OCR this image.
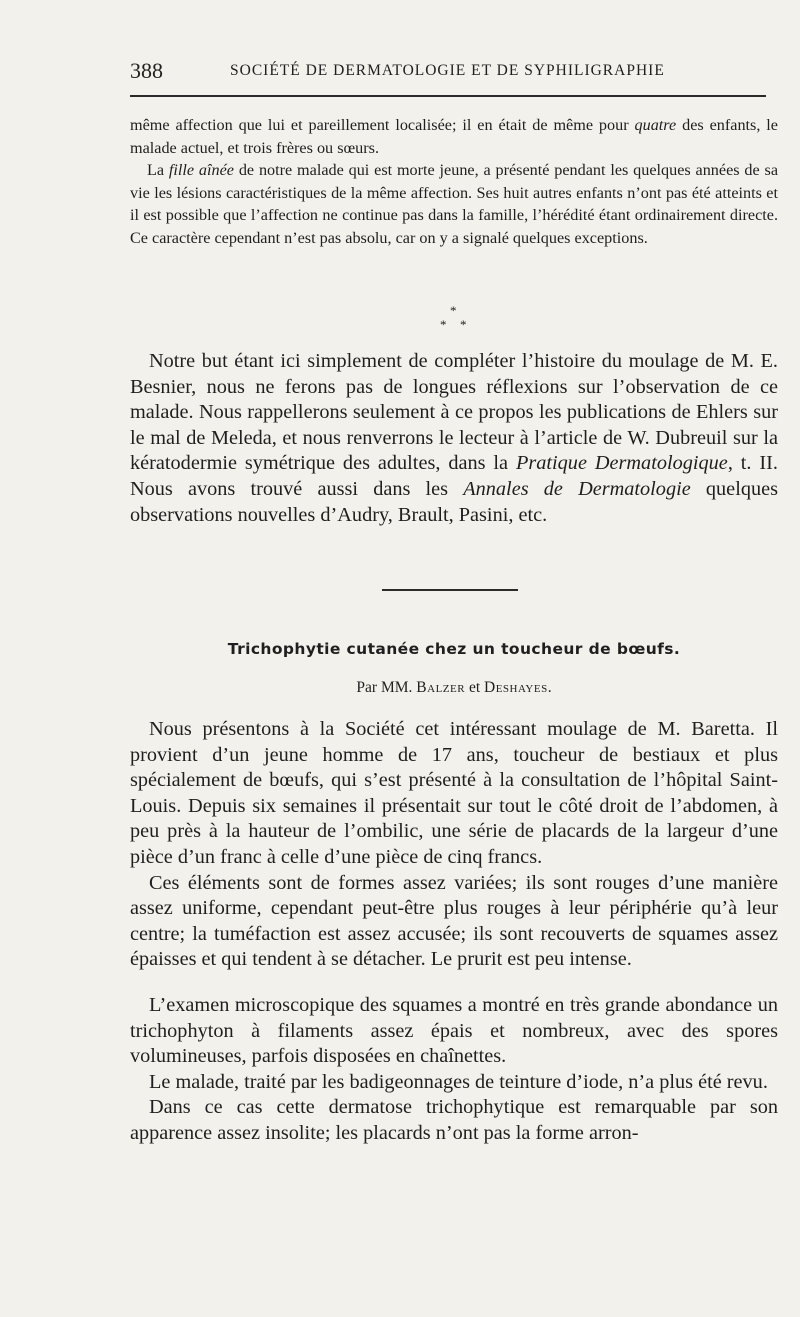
388	SOCIÉTÉ DE DERMATOLOGIE ET DE SYPHILIGRAPHIE

même affection que lui et pareillement localisée; il en était de même pour quatre des enfants, le malade actuel, et trois frères ou sœurs.

La fille aînée de notre malade qui est morte jeune, a présenté pendant les quelques années de sa vie les lésions caractéristiques de la même affection. Ses huit autres enfants n’ont pas été atteints et il est possible que l’affection ne continue pas dans la famille, l’hérédité étant ordinairement directe. Ce caractère cependant n’est pas absolu, car on y a signalé quelques exceptions.

*
* *

Notre but étant ici simplement de compléter l’histoire du moulage de M. E. Besnier, nous ne ferons pas de longues réflexions sur l’observation de ce malade. Nous rappellerons seulement à ce propos les publications de Ehlers sur le mal de Meleda, et nous renverrons le lecteur à l’article de W. Dubreuil sur la kératodermie symétrique des adultes, dans la Pratique Dermatologique, t. II. Nous avons trouvé aussi dans les Annales de Dermatologie quelques observations nouvelles d’Audry, Brault, Pasini, etc.

Trichophytie cutanée chez un toucheur de bœufs.
Par MM. Balzer et Deshayes.

Nous présentons à la Société cet intéressant moulage de M. Baretta. Il provient d’un jeune homme de 17 ans, toucheur de bestiaux et plus spécialement de bœufs, qui s’est présenté à la consultation de l’hôpital Saint-Louis. Depuis six semaines il présentait sur tout le côté droit de l’abdomen, à peu près à la hauteur de l’ombilic, une série de placards de la largeur d’une pièce d’un franc à celle d’une pièce de cinq francs.

Ces éléments sont de formes assez variées; ils sont rouges d’une manière assez uniforme, cependant peut-être plus rouges à leur périphérie qu’à leur centre; la tuméfaction est assez accusée; ils sont recouverts de squames assez épaisses et qui tendent à se détacher. Le prurit est peu intense.

L’examen microscopique des squames a montré en très grande abondance un trichophyton à filaments assez épais et nombreux, avec des spores volumineuses, parfois disposées en chaînettes.

Le malade, traité par les badigeonnages de teinture d’iode, n’a plus été revu.

Dans ce cas cette dermatose trichophytique est remarquable par son apparence assez insolite; les placards n’ont pas la forme arron-
